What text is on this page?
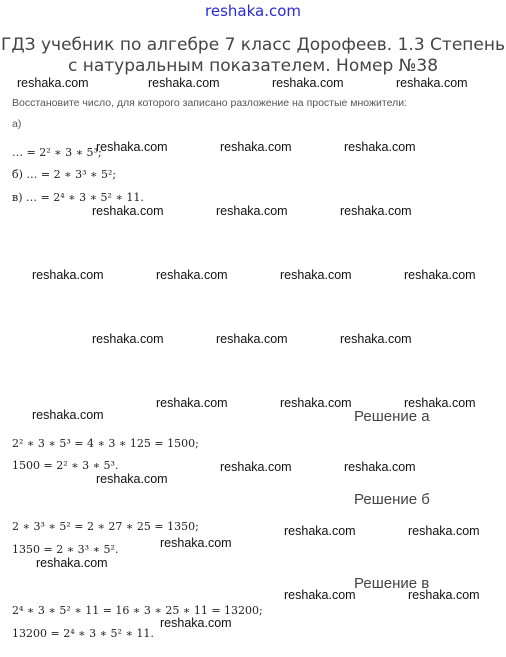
reshaka.com
ГДЗ учебник по алгебре 7 класс Дорофеев. 1.3 Степень с натуральным показателем. Номер №38
Восстановите число, для которого записано разложение на простые множители:
а)
… = 2² ∗ 3 ∗ 5³;
б) … = 2 ∗ 3³ ∗ 5²;
в) … = 2⁴ ∗ 3 ∗ 5² ∗ 11.
Решение а
2² ∗ 3 ∗ 5³ = 4 ∗ 3 ∗ 125 = 1500;
1500 = 2² ∗ 3 ∗ 5³.
Решение б
2 ∗ 3³ ∗ 5² = 2 ∗ 27 ∗ 25 = 1350;
1350 = 2 ∗ 3³ ∗ 5².
Решение в
2⁴ ∗ 3 ∗ 5² ∗ 11 = 16 ∗ 3 ∗ 25 ∗ 11 = 13200;
13200 = 2⁴ ∗ 3 ∗ 5² ∗ 11.
reshaka.com	reshaka.com	reshaka.com	reshaka.com
reshaka.com	reshaka.com	reshaka.com
reshaka.com	reshaka.com	reshaka.com
reshaka.com	reshaka.com	reshaka.com	reshaka.com
reshaka.com	reshaka.com	reshaka.com
reshaka.com	reshaka.com	reshaka.com
reshaka.com
reshaka.com	reshaka.com
reshaka.com
reshaka.com	reshaka.com
reshaka.com
reshaka.com
reshaka.com	reshaka.com
reshaka.com
